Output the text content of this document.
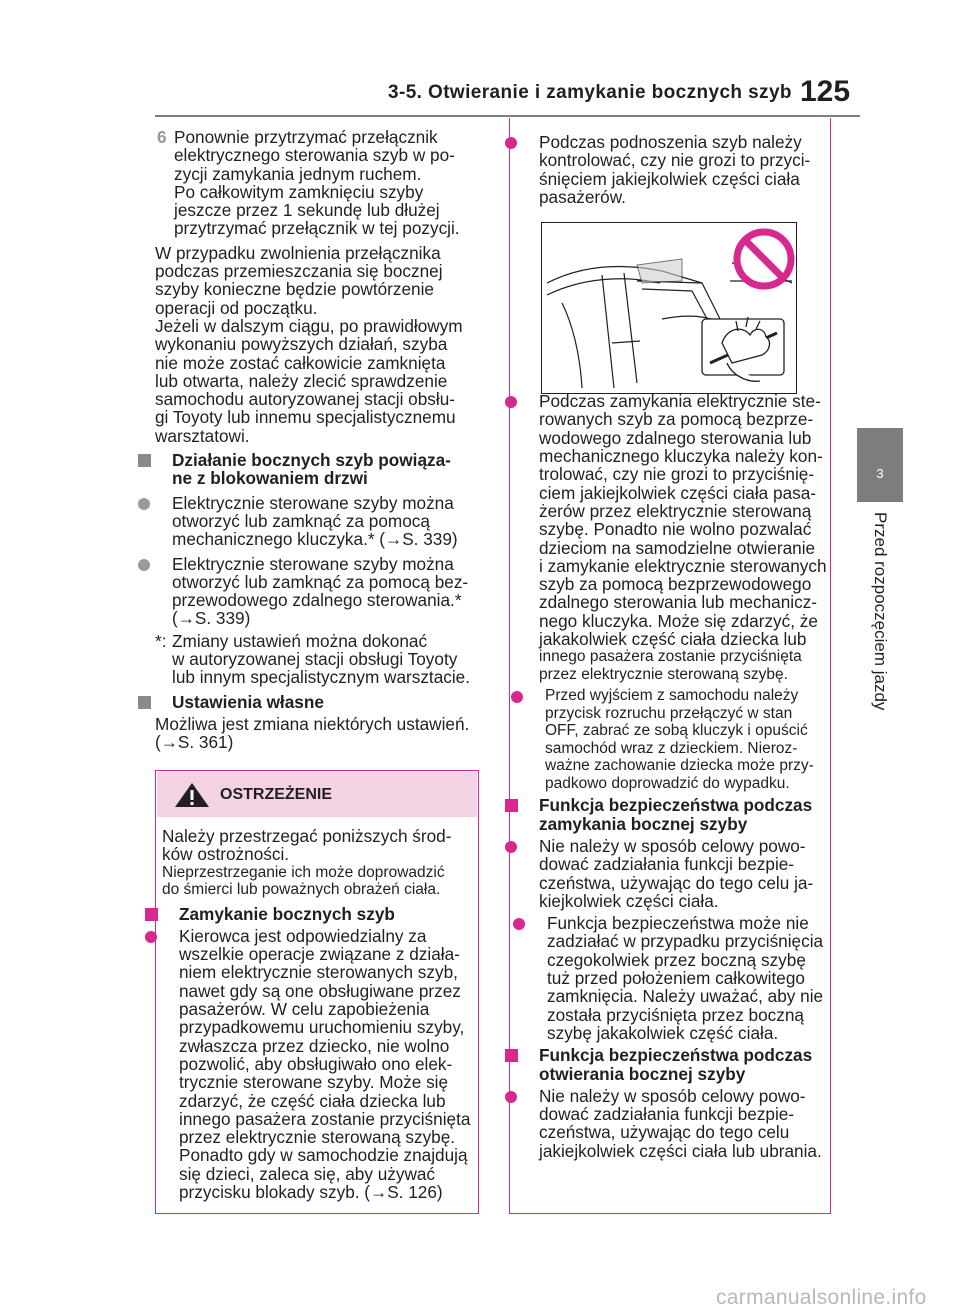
3-5. Otwieranie i zamykanie bocznych szyb 125
3
Przed rozpoczęciem jazdy
6 Ponownie przytrzymać przełącznik
elektrycznego sterowania szyb w po-
zycji zamykania jednym ruchem.
Po całkowitym zamknięciu szyby
jeszcze przez 1 sekundę lub dłużej
przytrzymać przełącznik w tej pozycji.
W przypadku zwolnienia przełącznika
podczas przemieszczania się bocznej
szyby konieczne będzie powtórzenie
operacji od początku.
Jeżeli w dalszym ciągu, po prawidłowym
wykonaniu powyższych działań, szyba
nie może zostać całkowicie zamknięta
lub otwarta, należy zlecić sprawdzenie
samochodu autoryzowanej stacji obsłu-
gi Toyoty lub innemu specjalistycznemu
warsztatowi.
Działanie bocznych szyb powiąza-
ne z blokowaniem drzwi
Elektrycznie sterowane szyby można
otworzyć lub zamknąć za pomocą
mechanicznego kluczyka.* (→S. 339)
Elektrycznie sterowane szyby można
otworzyć lub zamknąć za pomocą bez-
przewodowego zdalnego sterowania.*
(→S. 339)
*: Zmiany ustawień można dokonać
w autoryzowanej stacji obsługi Toyoty
lub innym specjalistycznym warsztacie.
Ustawienia własne
Możliwa jest zmiana niektórych ustawień.
(→S. 361)
OSTRZEŻENIE
Należy przestrzegać poniższych środ-
ków ostrożności.
Nieprzestrzeganie ich może doprowadzić
do śmierci lub poważnych obrażeń ciała.
Zamykanie bocznych szyb
Kierowca jest odpowiedzialny za
wszelkie operacje związane z działa-
niem elektrycznie sterowanych szyb,
nawet gdy są one obsługiwane przez
pasażerów. W celu zapobieżenia
przypadkowemu uruchomieniu szyby,
zwłaszcza przez dziecko, nie wolno
pozwolić, aby obsługiwało ono elek-
trycznie sterowane szyby. Może się
zdarzyć, że część ciała dziecka lub
innego pasażera zostanie przyciśnięta
przez elektrycznie sterowaną szybę.
Ponadto gdy w samochodzie znajdują
się dzieci, zaleca się, aby używać
przycisku blokady szyb. (→S. 126)
Podczas podnoszenia szyb należy
kontrolować, czy nie grozi to przyci-
śnięciem jakiejkolwiek części ciała
pasażerów.
Podczas zamykania elektrycznie ste-
rowanych szyb za pomocą bezprze-
wodowego zdalnego sterowania lub
mechanicznego kluczyka należy kon-
trolować, czy nie grozi to przyciśnię-
ciem jakiejkolwiek części ciała pasa-
żerów przez elektrycznie sterowaną
szybę. Ponadto nie wolno pozwalać
dzieciom na samodzielne otwieranie
i zamykanie elektrycznie sterowanych
szyb za pomocą bezprzewodowego
zdalnego sterowania lub mechanicz-
nego kluczyka. Może się zdarzyć, że
jakakolwiek część ciała dziecka lub
innego pasażera zostanie przyciśnięta
przez elektrycznie sterowaną szybę.
Przed wyjściem z samochodu należy
przycisk rozruchu przełączyć w stan
OFF, zabrać ze sobą kluczyk i opuścić
samochód wraz z dzieckiem. Nieroz-
ważne zachowanie dziecka może przy-
padkowo doprowadzić do wypadku.
Funkcja bezpieczeństwa podczas
zamykania bocznej szyby
Nie należy w sposób celowy powo-
dować zadziałania funkcji bezpie-
czeństwa, używając do tego celu ja-
kiejkolwiek części ciała.
Funkcja bezpieczeństwa może nie
zadziałać w przypadku przyciśnięcia
czegokolwiek przez boczną szybę
tuż przed położeniem całkowitego
zamknięcia. Należy uważać, aby nie
została przyciśnięta przez boczną
szybę jakakolwiek część ciała.
Funkcja bezpieczeństwa podczas
otwierania bocznej szyby
Nie należy w sposób celowy powo-
dować zadziałania funkcji bezpie-
czeństwa, używając do tego celu
jakiejkolwiek części ciała lub ubrania.
carmanualsonline.info
